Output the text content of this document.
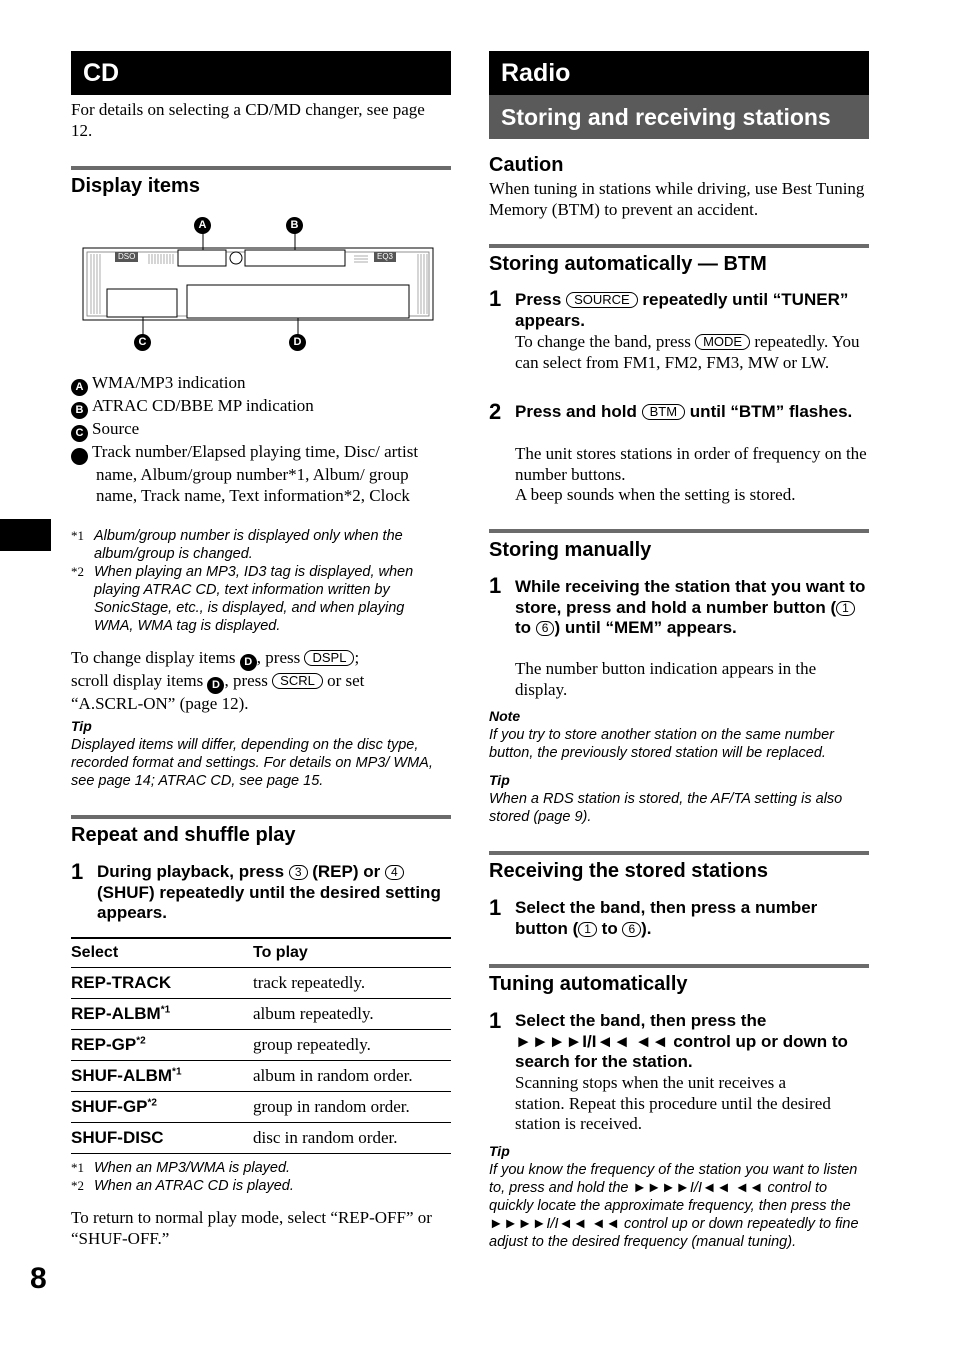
8
CD
For details on selecting a CD/MD changer, see page 12.
Display items
DSO	EQ3
A	B
C	D
A WMA/MP3 indication
B ATRAC CD/BBE MP indication
C Source
D Track number/Elapsed playing time, Disc/ artist name, Album/group number*1, Album/ group name, Track name, Text information*2, Clock
*1 Album/group number is displayed only when the album/group is changed.
*2 When playing an MP3, ID3 tag is displayed, when playing ATRAC CD, text information written by SonicStage, etc., is displayed, and when playing WMA, WMA tag is displayed.
To change display items D , press DSPL ;
scroll display items D , press SCRL or set
“A.SCRL-ON” (page 12).
Tip
Displayed items will differ, depending on the disc type, recorded format and settings. For details on MP3/ WMA, see page 14; ATRAC CD, see page 15.
Repeat and shuffle play
1 During playback, press 3 (REP) or 4 (SHUF) repeatedly until the desired setting appears.
Select	To play
REP-TRACK	track repeatedly.
REP-ALBM$^{*1}$	album repeatedly.
REP-GP$^{*2}$	group repeatedly.
SHUF-ALBM$^{*1}$	album in random order.
SHUF-GP$^{*2}$	group in random order.
SHUF-DISC	disc in random order.
*1 When an MP3/WMA is played.
*2 When an ATRAC CD is played.
To return to normal play mode, select “REP-OFF” or “SHUF-OFF.”
Radio
Storing and receiving stations
Caution
When tuning in stations while driving, use Best Tuning Memory (BTM) to prevent an accident.
Storing automatically — BTM
1 Press SOURCE repeatedly until “TUNER” appears.
To change the band, press MODE repeatedly. You can select from FM1, FM2, FM3, MW or LW.
2 Press and hold BTM until “BTM” flashes.
The unit stores stations in order of frequency on the number buttons.
A beep sounds when the setting is stored.
Storing manually
1 While receiving the station that you want to store, press and hold a number button ( 1 to 6 ) until “MEM” appears.
The number button indication appears in the display.
Note
If you try to store another station on the same number button, the previously stored station will be replaced.
Tip
When a RDS station is stored, the AF/TA setting is also stored (page 9).
Receiving the stored stations
1 Select the band, then press a number button ( 1 to 6 ).
Tuning automatically
1 Select the band, then press the ►►►►I/I◄◄ ◄◄ control up or down to search for the station.
Scanning stops when the unit receives a station. Repeat this procedure until the desired station is received.
Tip
If you know the frequency of the station you want to listen to, press and hold the ►►►►I/I◄◄ ◄◄ control to quickly locate the approximate frequency, then press the ►►►►I/I◄◄ ◄◄ control up or down repeatedly to fine adjust to the desired frequency (manual tuning).
